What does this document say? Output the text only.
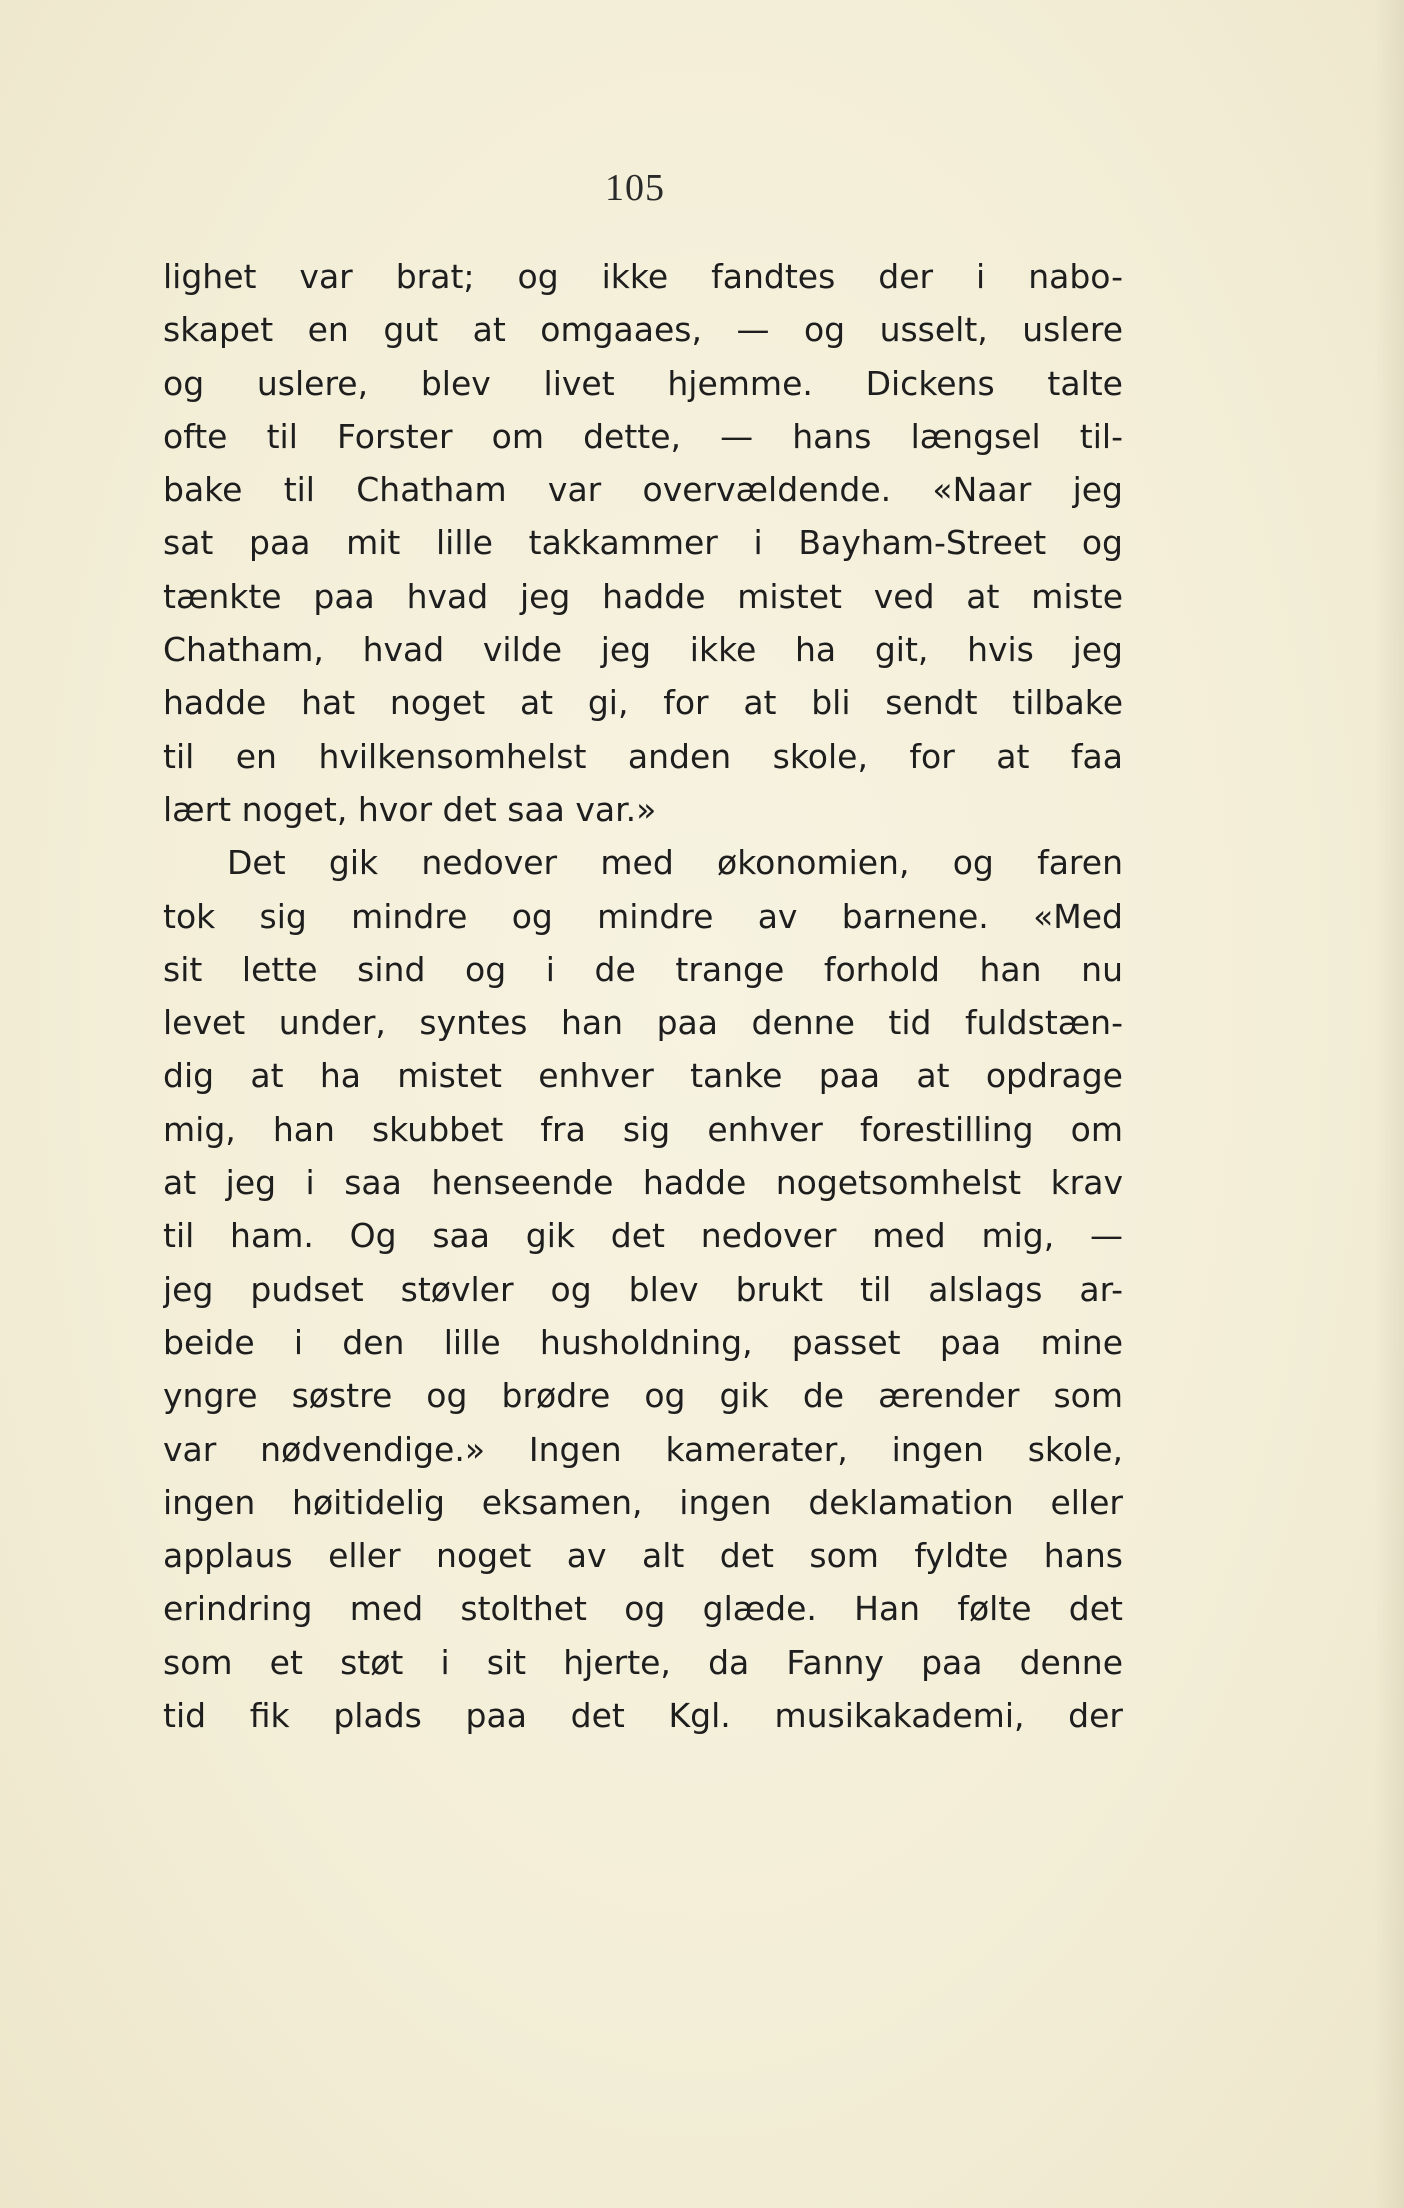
105
lighet var brat; og ikke fandtes der i nabo-
skapet en gut at omgaaes, — og usselt, uslere
og uslere, blev livet hjemme. Dickens talte
ofte til Forster om dette, — hans længsel til-
bake til Chatham var overvældende. «Naar jeg
sat paa mit lille takkammer i Bayham-Street og
tænkte paa hvad jeg hadde mistet ved at miste
Chatham, hvad vilde jeg ikke ha git, hvis jeg
hadde hat noget at gi, for at bli sendt tilbake
til en hvilkensomhelst anden skole, for at faa
lært noget, hvor det saa var.»
Det gik nedover med økonomien, og faren
tok sig mindre og mindre av barnene. «Med
sit lette sind og i de trange forhold han nu
levet under, syntes han paa denne tid fuldstæn-
dig at ha mistet enhver tanke paa at opdrage
mig, han skubbet fra sig enhver forestilling om
at jeg i saa henseende hadde nogetsomhelst krav
til ham. Og saa gik det nedover med mig, —
jeg pudset støvler og blev brukt til alslags ar-
beide i den lille husholdning, passet paa mine
yngre søstre og brødre og gik de ærender som
var nødvendige.» Ingen kamerater, ingen skole,
ingen høitidelig eksamen, ingen deklamation eller
applaus eller noget av alt det som fyldte hans
erindring med stolthet og glæde. Han følte det
som et støt i sit hjerte, da Fanny paa denne
tid fik plads paa det Kgl. musikakademi, der
